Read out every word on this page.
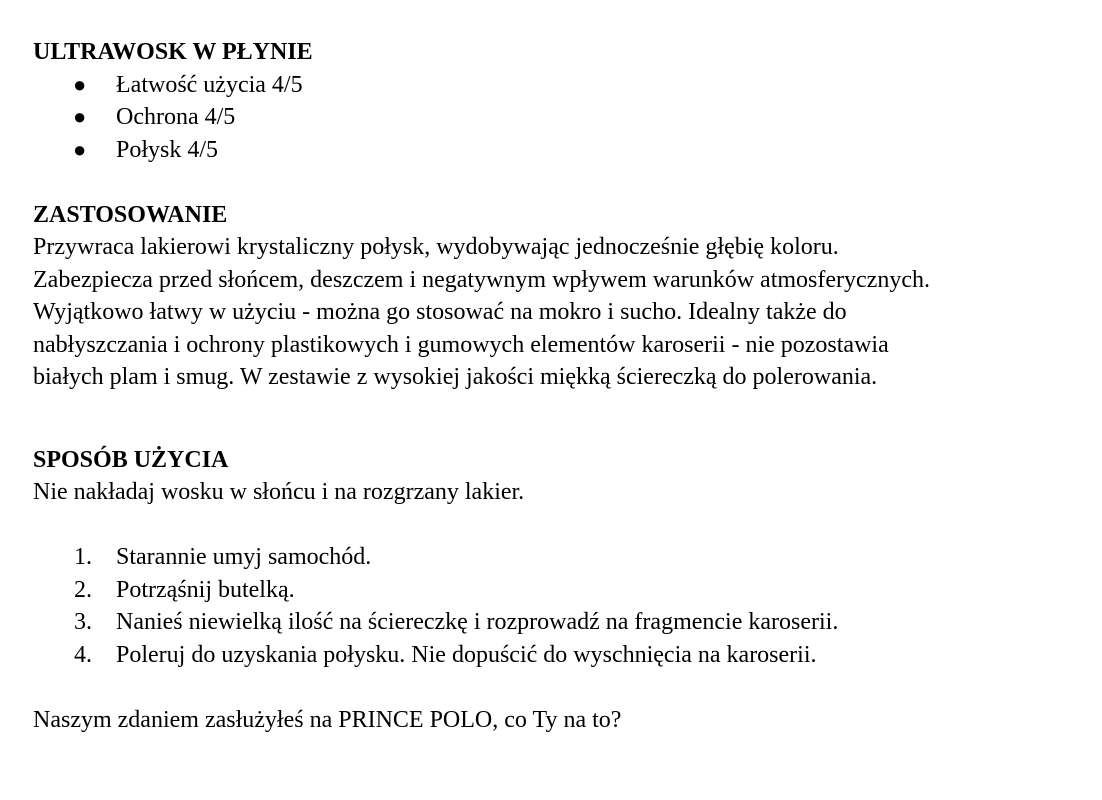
ULTRAWOSK W PŁYNIE
● Łatwość użycia 4/5
● Ochrona 4/5
● Połysk 4/5
ZASTOSOWANIE

Przywraca lakierowi krystaliczny połysk, wydobywając jednocześnie głębię koloru.

Zabezpiecza przed słońcem, deszczem i negatywnym wpływem warunków atmosferycznych.

Wyjątkowo łatwy w użyciu - można go stosować na mokro i sucho. Idealny także do

nabłyszczania i ochrony plastikowych i gumowych elementów karoserii - nie pozostawia

białych plam i smug. W zestawie z wysokiej jakości miękką ściereczką do polerowania.

SPOSÓB UŻYCIA

Nie nakładaj wosku w słońcu i na rozgrzany lakier.

1. Starannie umyj samochód.
2. Potrząśnij butelką.
3. Nanieś niewielką ilość na ściereczkę i rozprowadź na fragmencie karoserii.
4. Poleruj do uzyskania połysku. Nie dopuścić do wyschnięcia na karoserii.

Naszym zdaniem zasłużyłeś na PRINCE POLO, co Ty na to?
